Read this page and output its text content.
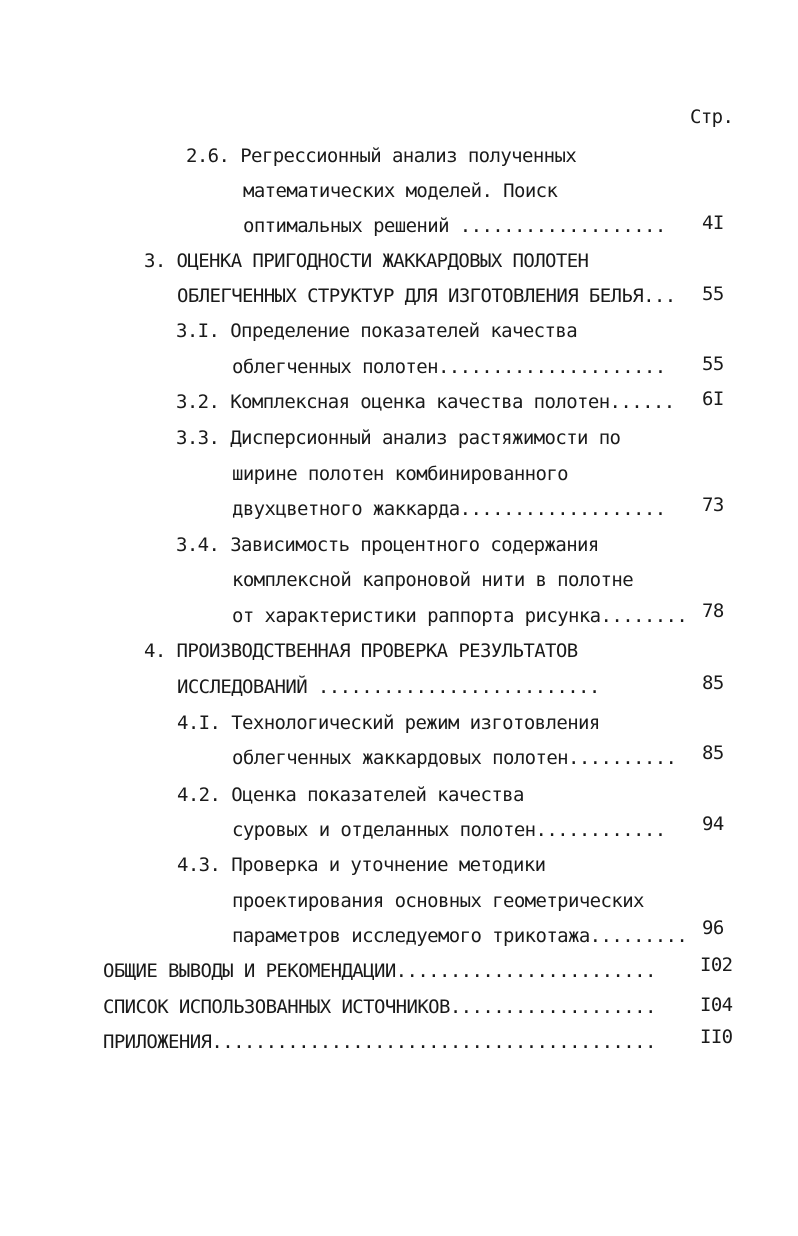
Стр.
2.6. Регрессионный анализ полученных
математических моделей. Поиск
оптимальных решений ................... 4I
3. ОЦЕНКА ПРИГОДНОСТИ ЖАККАРДОВЫХ ПОЛОТЕН
ОБЛЕГЧЕННЫХ СТРУКТУР ДЛЯ ИЗГОТОВЛЕНИЯ БЕЛЬЯ... 55
3.I. Определение показателей качества
облегченных полотен..................... 55
3.2. Комплексная оценка качества полотен...... 6I
3.3. Дисперсионный анализ растяжимости по
ширине полотен комбинированного
двухцветного жаккарда................... 73
3.4. Зависимость процентного содержания
комплексной капроновой нити в полотне
от характеристики раппорта рисунка........ 78
4. ПРОИЗВОДСТВЕННАЯ ПРОВЕРКА РЕЗУЛЬТАТОВ
ИССЛЕДОВАНИЙ ..........................	85
4.I. Технологический режим изготовления
облегченных жаккардовых полотен.......... 85
4.2. Оценка показателей качества
суровых и отделанных полотен............ 94
4.3. Проверка и уточнение методики
проектирования основных геометрических
параметров исследуемого трикотажа......... 96
ОБЩИЕ ВЫВОДЫ И РЕКОМЕНДАЦИИ........................ I02
СПИСОК ИСПОЛЬЗОВАННЫХ ИСТОЧНИКОВ................... I04
ПРИЛОЖЕНИЯ......................................... II0
